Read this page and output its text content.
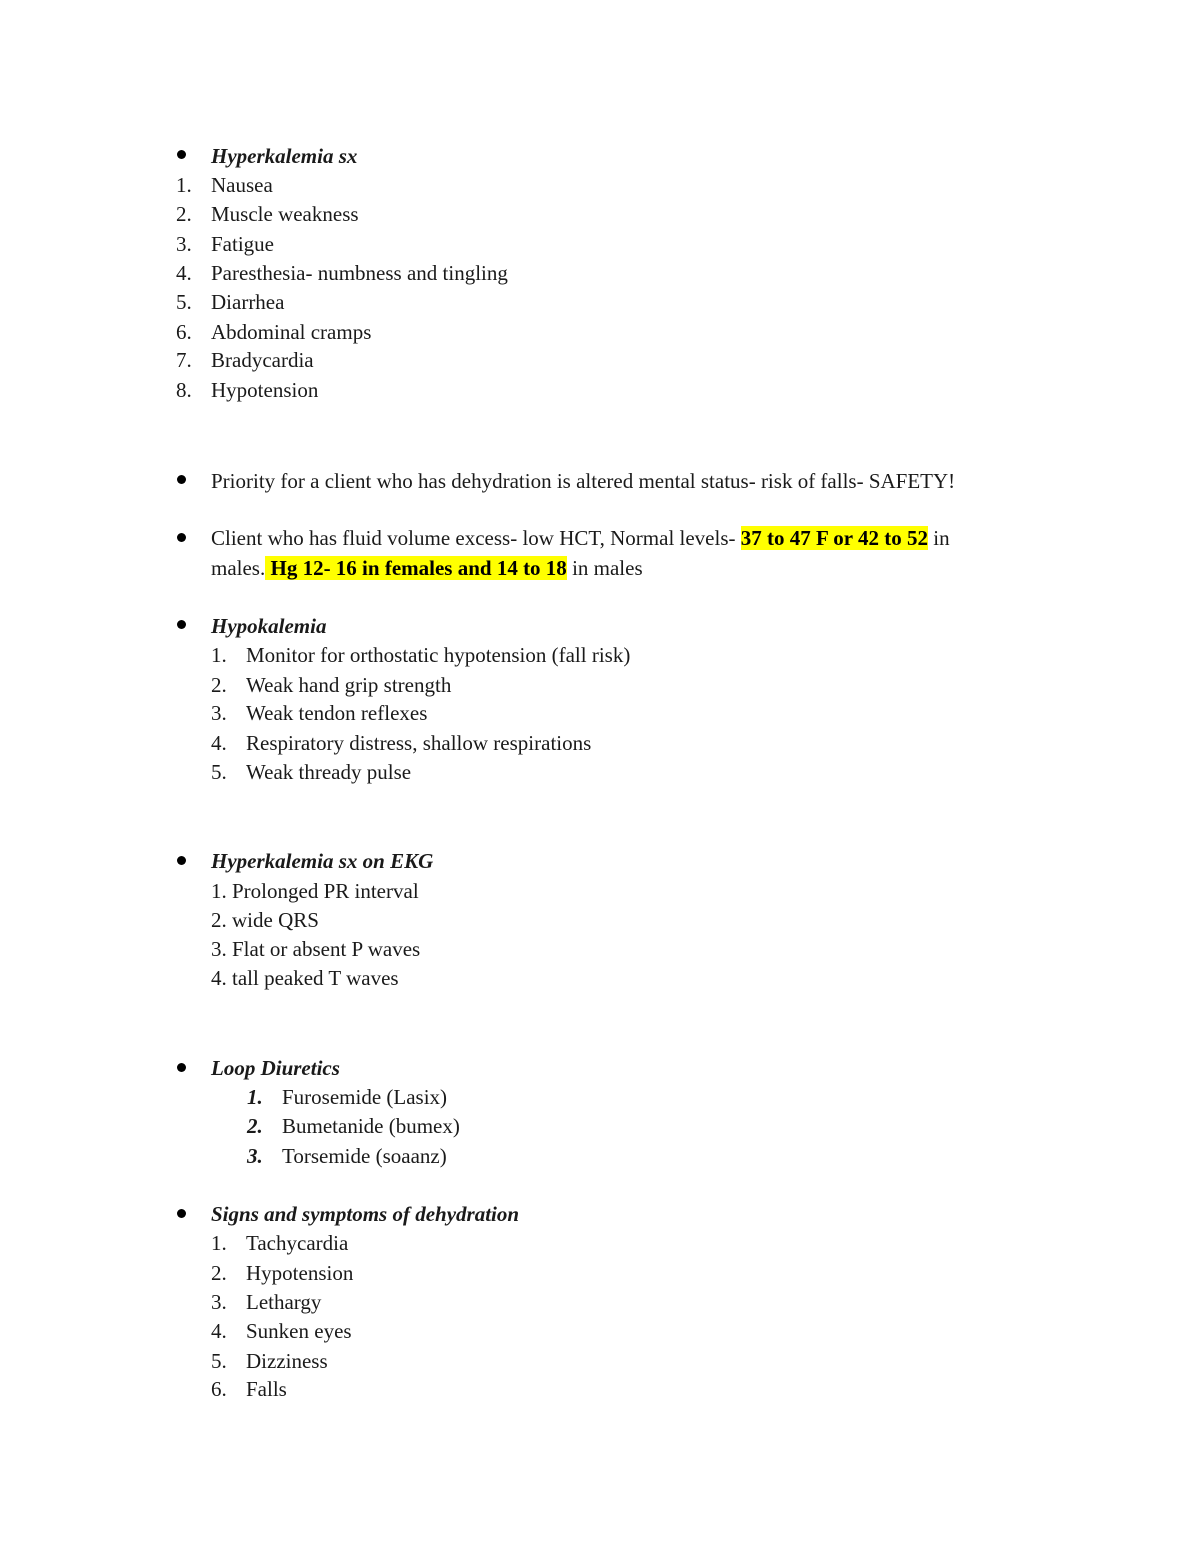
Hyperkalemia sx
1. Nausea
2. Muscle weakness
3. Fatigue
4. Paresthesia- numbness and tingling
5. Diarrhea
6. Abdominal cramps
7. Bradycardia
8. Hypotension
Priority for a client who has dehydration is altered mental status- risk of falls- SAFETY!
Client who has fluid volume excess- low HCT, Normal levels- 37 to 47 F or 42 to 52 in
males. Hg 12- 16 in females and 14 to 18 in males
Hypokalemia
1. Monitor for orthostatic hypotension (fall risk)
2. Weak hand grip strength
3. Weak tendon reflexes
4. Respiratory distress, shallow respirations
5. Weak thready pulse
Hyperkalemia sx on EKG
1. Prolonged PR interval
2. wide QRS
3. Flat or absent P waves
4. tall peaked T waves
Loop Diuretics
1. Furosemide (Lasix)
2. Bumetanide (bumex)
3. Torsemide (soaanz)
Signs and symptoms of dehydration
1. Tachycardia
2. Hypotension
3. Lethargy
4. Sunken eyes
5. Dizziness
6. Falls
